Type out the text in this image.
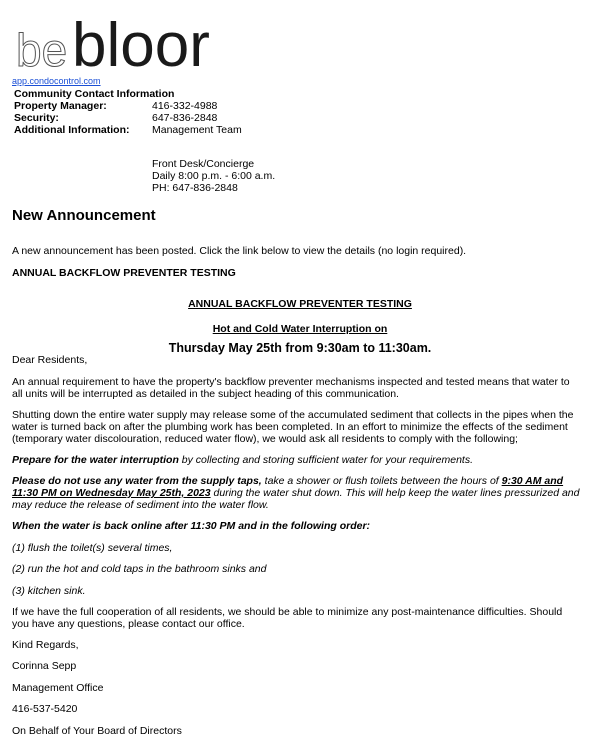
be bloor
app.condocontrol.com
Community Contact Information
Property Manager:	416-332-4988
Security:	647-836-2848
Additional Information:	Management Team
Front Desk/Concierge
Daily 8:00 p.m. - 6:00 a.m.
PH: 647-836-2848
New Announcement
A new announcement has been posted. Click the link below to view the details (no login required).
ANNUAL BACKFLOW PREVENTER TESTING
ANNUAL BACKFLOW PREVENTER TESTING
Hot and Cold Water Interruption on
Thursday May 25th from 9:30am to 11:30am.
Dear Residents,
An annual requirement to have the property's backflow preventer mechanisms inspected and tested means that water to all units will be interrupted as detailed in the subject heading of this communication.
Shutting down the entire water supply may release some of the accumulated sediment that collects in the pipes when the water is turned back on after the plumbing work has been completed. In an effort to minimize the effects of the sediment (temporary water discolouration, reduced water flow), we would ask all residents to comply with the following;
Prepare for the water interruption by collecting and storing sufficient water for your requirements.
Please do not use any water from the supply taps, take a shower or flush toilets between the hours of 9:30 AM and 11:30 PM on Wednesday May 25th, 2023 during the water shut down. This will help keep the water lines pressurized and may reduce the release of sediment into the water flow.
When the water is back online after 11:30 PM and in the following order:
(1) flush the toilet(s) several times,
(2) run the hot and cold taps in the bathroom sinks and
(3) kitchen sink.
If we have the full cooperation of all residents, we should be able to minimize any post-maintenance difficulties. Should you have any questions, please contact our office.
Kind Regards,
Corinna Sepp
Management Office
416-537-5420
On Behalf of Your Board of Directors
